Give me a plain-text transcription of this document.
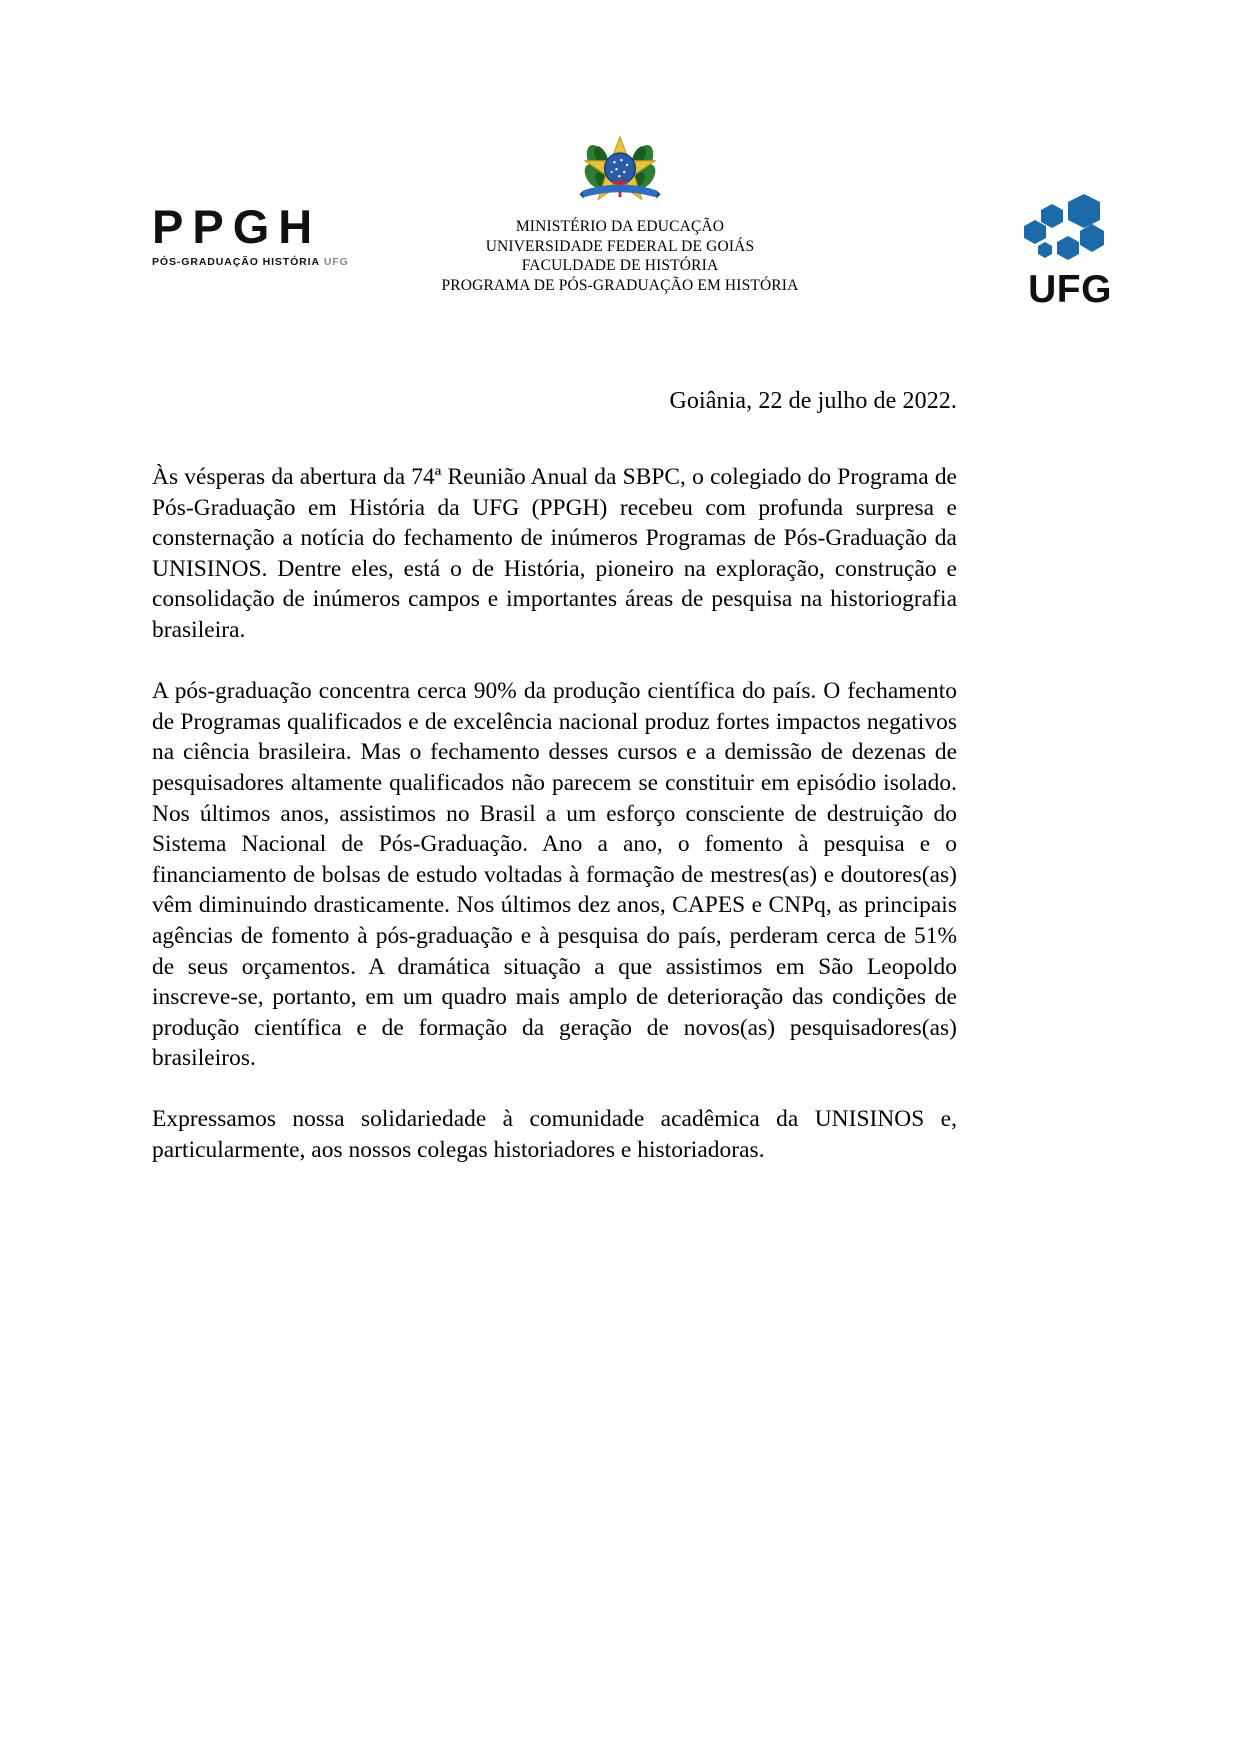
PPGH
PÓS-GRADUAÇÃO HISTÓRIA UFG
MINISTÉRIO DA EDUCAÇÃO
UNIVERSIDADE FEDERAL DE GOIÁS
FACULDADE DE HISTÓRIA
PROGRAMA DE PÓS-GRADUAÇÃO EM HISTÓRIA	UFG
Goiânia, 22 de julho de 2022.

Às vésperas da abertura da 74ª Reunião Anual da SBPC, o colegiado do Programa de Pós-Graduação em História da UFG (PPGH) recebeu com profunda surpresa e consternação a notícia do fechamento de inúmeros Programas de Pós-Graduação da UNISINOS. Dentre eles, está o de História, pioneiro na exploração, construção e consolidação de inúmeros campos e importantes áreas de pesquisa na historiografia brasileira.

A pós-graduação concentra cerca 90% da produção científica do país. O fechamento de Programas qualificados e de excelência nacional produz fortes impactos negativos na ciência brasileira. Mas o fechamento desses cursos e a demissão de dezenas de pesquisadores altamente qualificados não parecem se constituir em episódio isolado. Nos últimos anos, assistimos no Brasil a um esforço consciente de destruição do Sistema Nacional de Pós-Graduação. Ano a ano, o fomento à pesquisa e o financiamento de bolsas de estudo voltadas à formação de mestres(as) e doutores(as) vêm diminuindo drasticamente. Nos últimos dez anos, CAPES e CNPq, as principais agências de fomento à pós-graduação e à pesquisa do país, perderam cerca de 51% de seus orçamentos. A dramática situação a que assistimos em São Leopoldo inscreve-se, portanto, em um quadro mais amplo de deterioração das condições de produção científica e de formação da geração de novos(as) pesquisadores(as) brasileiros.

Expressamos nossa solidariedade à comunidade acadêmica da UNISINOS e, particularmente, aos nossos colegas historiadores e historiadoras.
